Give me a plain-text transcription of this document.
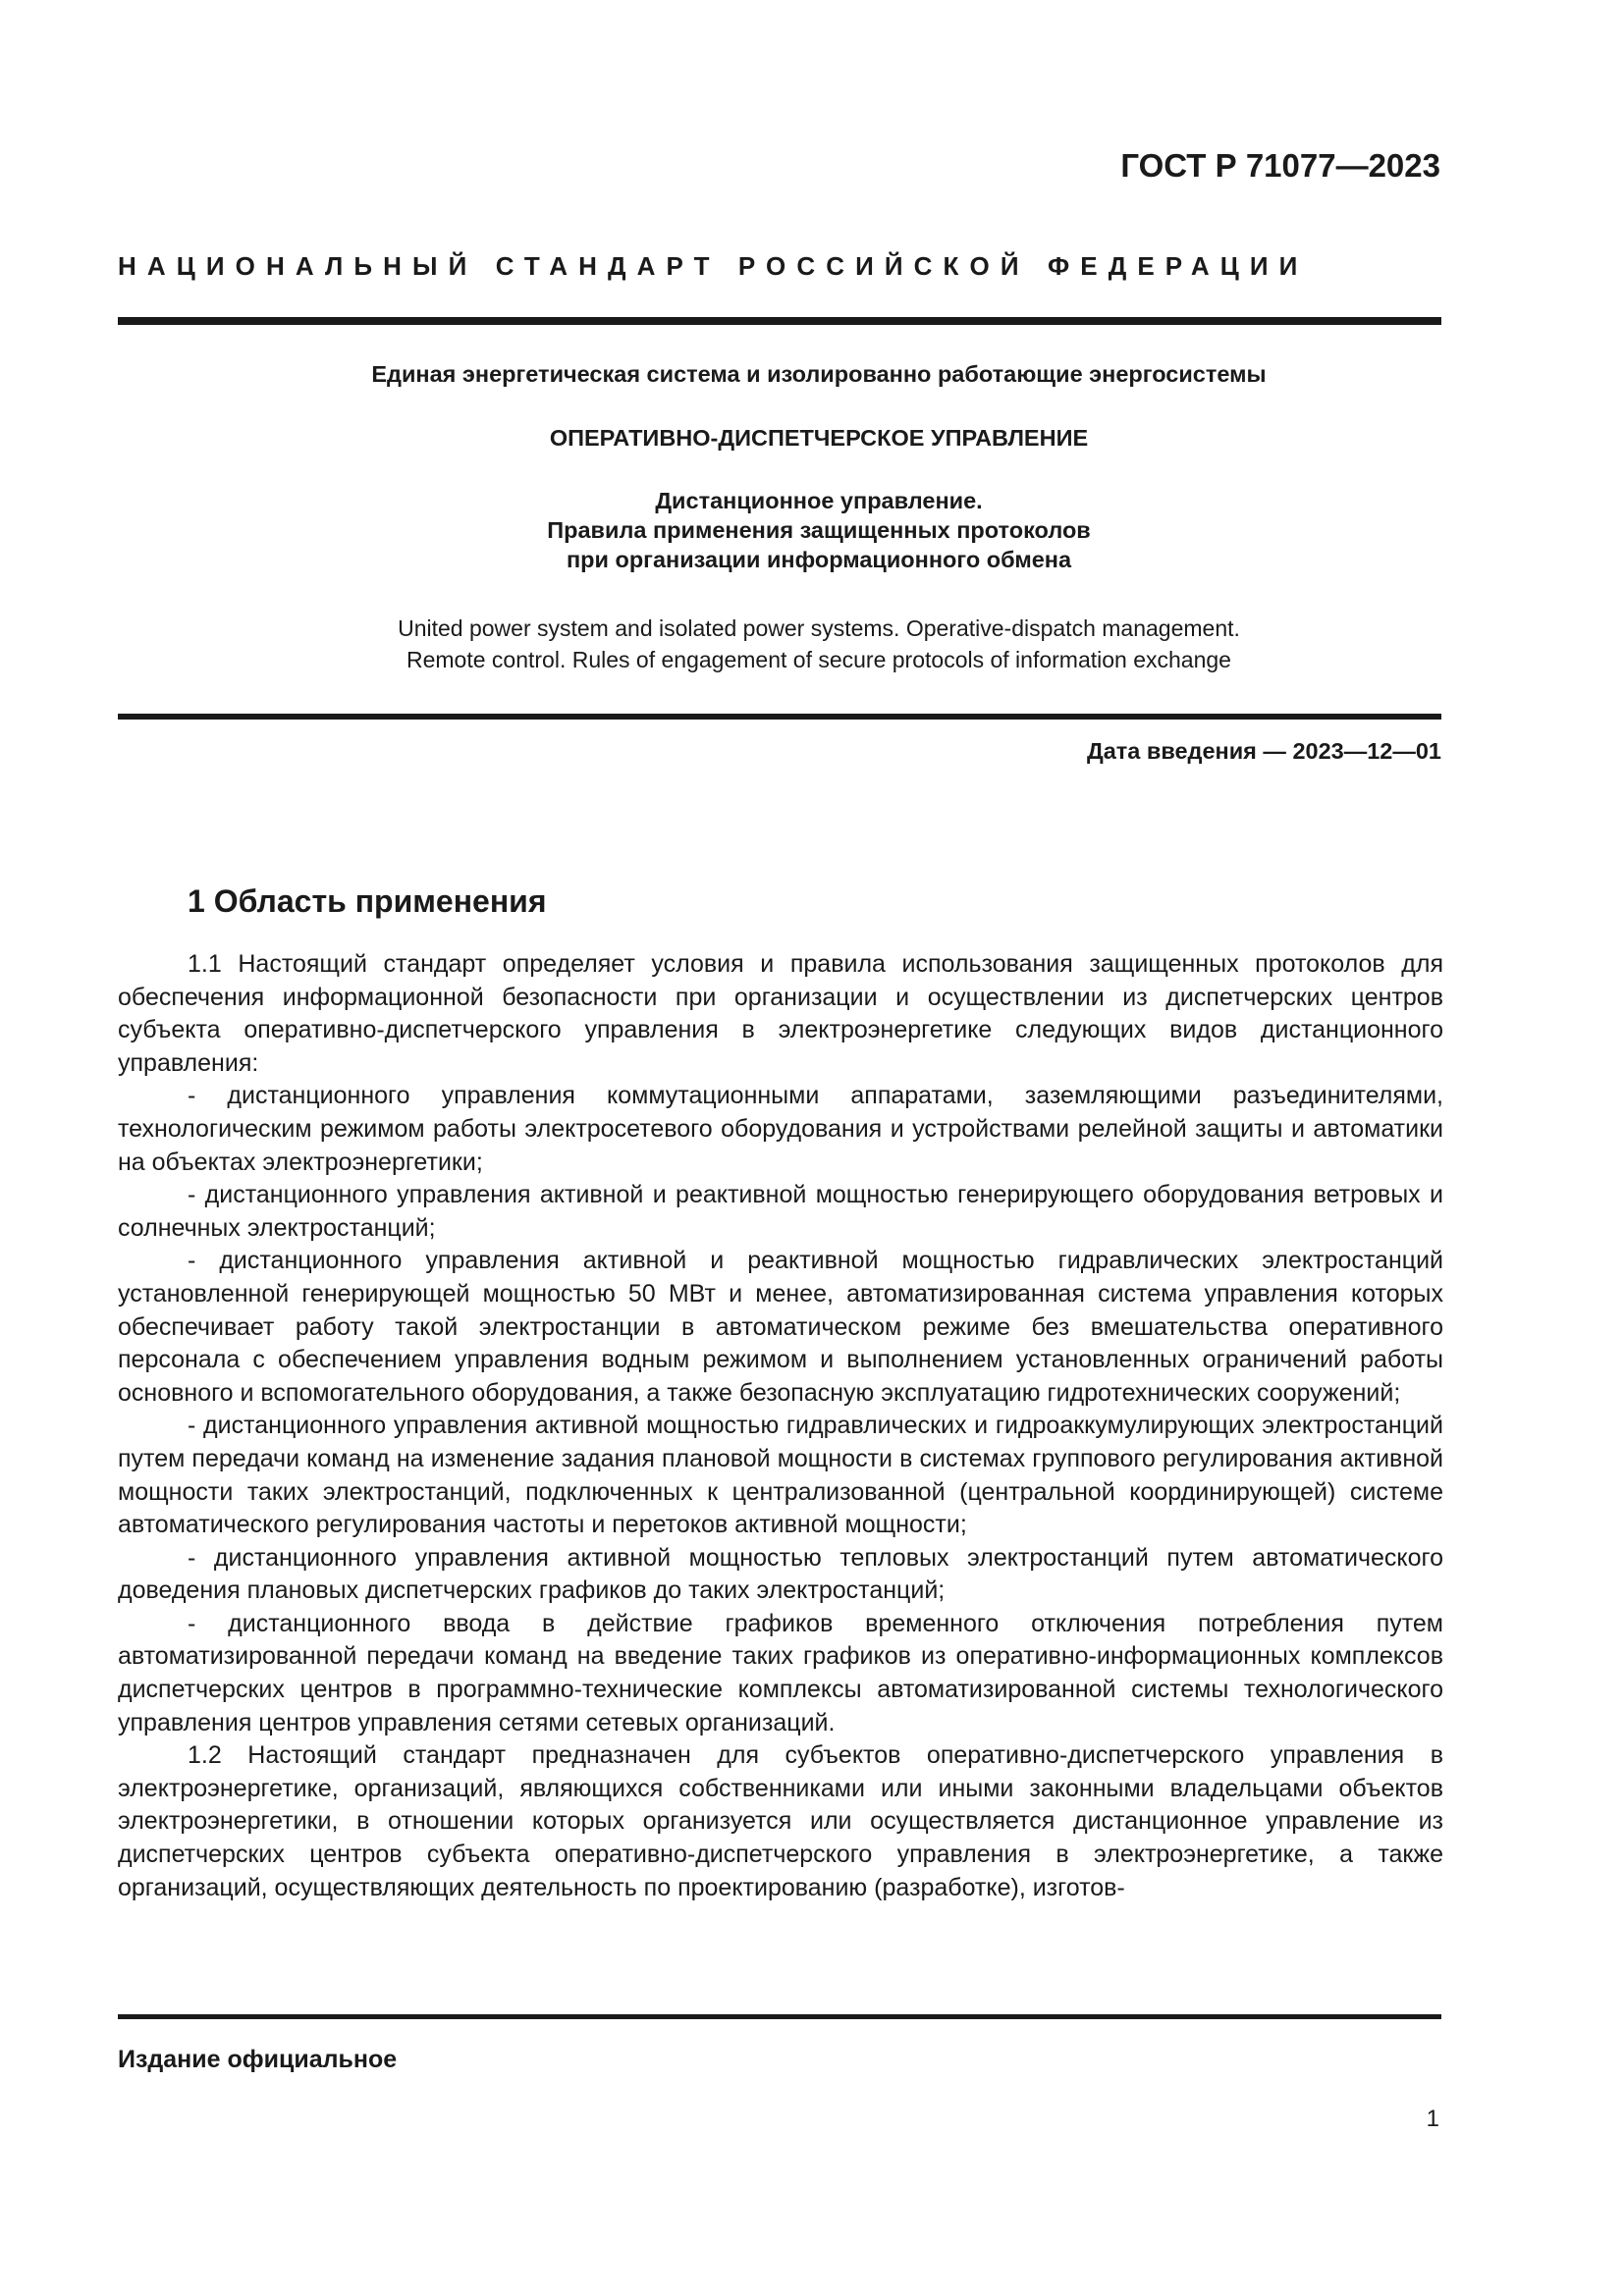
ГОСТ Р 71077—2023
НАЦИОНАЛЬНЫЙ СТАНДАРТ РОССИЙСКОЙ ФЕДЕРАЦИИ

Единая энергетическая система и изолированно работающие энергосистемы

ОПЕРАТИВНО-ДИСПЕТЧЕРСКОЕ УПРАВЛЕНИЕ

Дистанционное управление.

Правила применения защищенных протоколов

при организации информационного обмена

United power system and isolated power systems. Operative-dispatch management.

Remote control. Rules of engagement of secure protocols of information exchange

Дата введения — 2023—12—01
1 Область применения

1.1 Настоящий стандарт определяет условия и правила использования защищенных протоколов для обеспечения информационной безопасности при организации и осуществлении из диспетчерских центров субъекта оперативно-диспетчерского управления в электроэнергетике следующих видов дистанционного управления:

- дистанционного управления коммутационными аппаратами, заземляющими разъединителями, технологическим режимом работы электросетевого оборудования и устройствами релейной защиты и автоматики на объектах электроэнергетики;

- дистанционного управления активной и реактивной мощностью генерирующего оборудования ветровых и солнечных электростанций;

- дистанционного управления активной и реактивной мощностью гидравлических электростанций установленной генерирующей мощностью 50 МВт и менее, автоматизированная система управления которых обеспечивает работу такой электростанции в автоматическом режиме без вмешательства оперативного персонала с обеспечением управления водным режимом и выполнением установленных ограничений работы основного и вспомогательного оборудования, а также безопасную эксплуатацию гидротехнических сооружений;

- дистанционного управления активной мощностью гидравлических и гидроаккумулирующих электростанций путем передачи команд на изменение задания плановой мощности в системах группового регулирования активной мощности таких электростанций, подключенных к централизованной (центральной координирующей) системе автоматического регулирования частоты и перетоков активной мощности;

- дистанционного управления активной мощностью тепловых электростанций путем автоматического доведения плановых диспетчерских графиков до таких электростанций;

- дистанционного ввода в действие графиков временного отключения потребления путем автоматизированной передачи команд на введение таких графиков из оперативно-информационных комплексов диспетчерских центров в программно-технические комплексы автоматизированной системы технологического управления центров управления сетями сетевых организаций.

1.2 Настоящий стандарт предназначен для субъектов оперативно-диспетчерского управления в электроэнергетике, организаций, являющихся собственниками или иными законными владельцами объектов электроэнергетики, в отношении которых организуется или осуществляется дистанционное управление из диспетчерских центров субъекта оперативно-диспетчерского управления в электроэнергетике, а также организаций, осуществляющих деятельность по проектированию (разработке), изготов-

Издание официальное
1
